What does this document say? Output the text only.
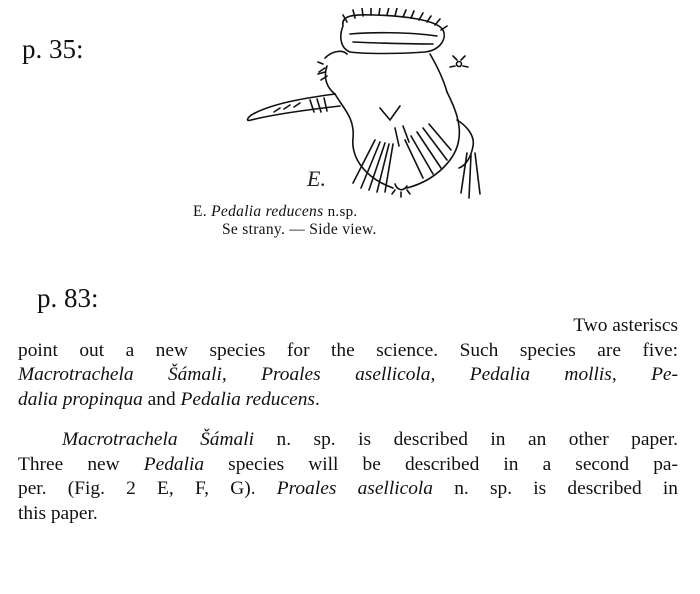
p. 35:
E.
E. Pedalia reducens n.sp.
Se strany. — Side view.
p. 83:
Two asteriscs
point out a new species for the science. Such species are five:
Macrotrachela Šámali, Proales asellicola, Pedalia mollis, Pe-
dalia propinqua and Pedalia reducens.
Macrotrachela Šámali n. sp. is described in an other paper.
Three new Pedalia species will be described in a second pa-
per. (Fig. 2 E, F, G). Proales asellicola n. sp. is described in
this paper.
